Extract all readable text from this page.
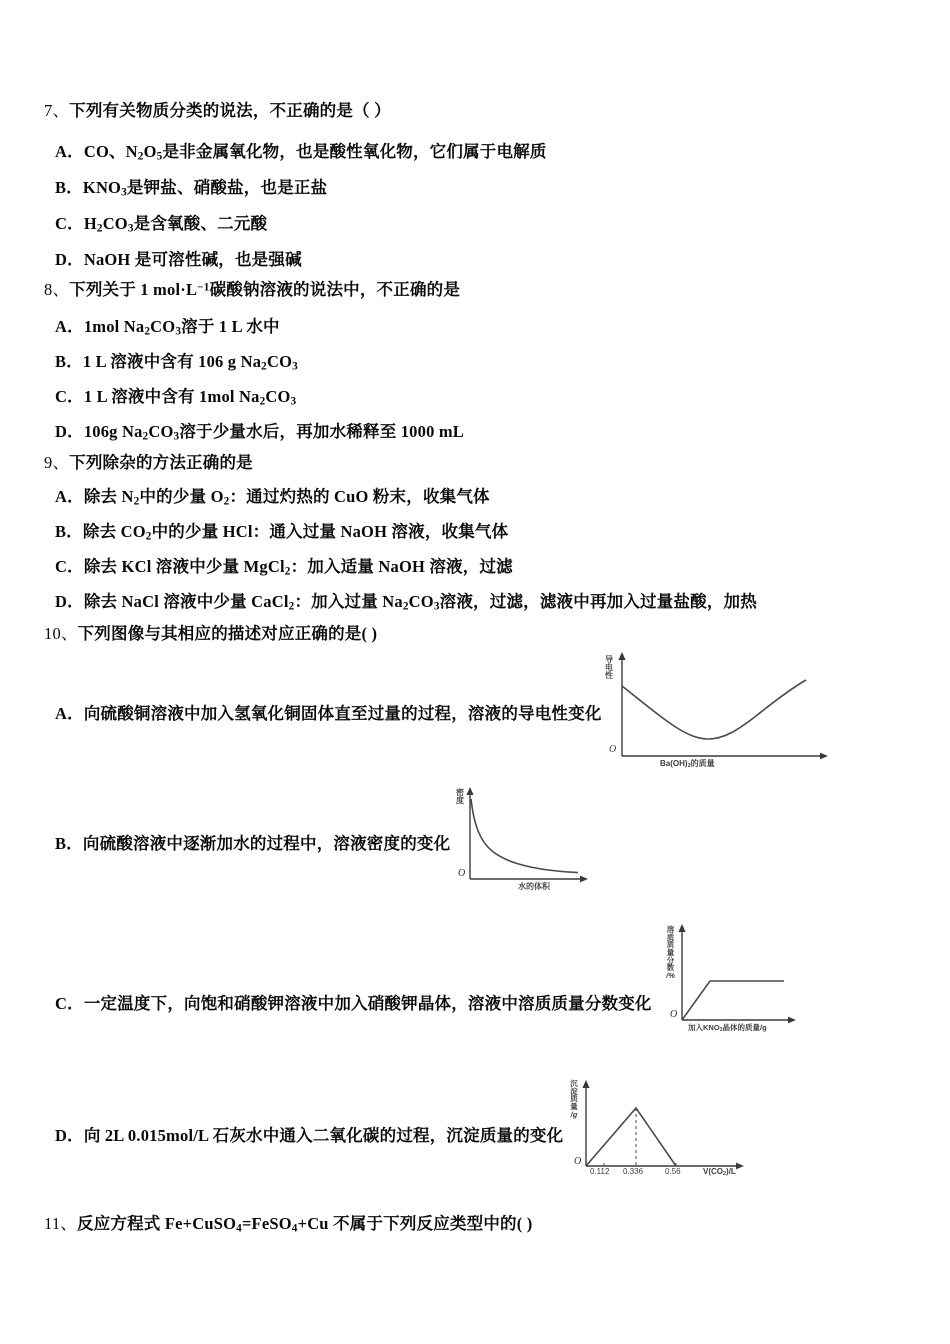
7、下列有关物质分类的说法，不正确的是（ ）
A．CO、$N_2O_5$是非金属氧化物，也是酸性氧化物，它们属于电解质
B．$KNO_3$是钾盐、硝酸盐，也是正盐
C．$H_2CO_3$是含氧酸、二元酸
D．NaOH 是可溶性碱，也是强碱
8、下列关于 1 $mol\cdot L^{-1}$碳酸钠溶液的说法中，不正确的是
A．1mol $Na_2CO_3$溶于 1 L 水中
B．1 L 溶液中含有 106 g $Na_2CO_3$
C．1 L 溶液中含有 1mol $Na_2CO_3$
D．106g $Na_2CO_3$溶于少量水后，再加水稀释至 1000 mL
9、下列除杂的方法正确的是
A．除去 $N_2$中的少量 $O_2$：通过灼热的 CuO 粉末，收集气体
B．除去 $CO_2$中的少量 HCl：通入过量 NaOH 溶液，收集气体
C．除去 KCl 溶液中少量 MgCl$_2$：加入适量 NaOH 溶液，过滤
D．除去 NaCl 溶液中少量 CaCl$_2$：加入过量 $Na_2CO_3$溶液，过滤，滤液中再加入过量盐酸，加热
10、下列图像与其相应的描述对应正确的是( )
A．向硫酸铜溶液中加入氢氧化铜固体直至过量的过程，溶液的导电性变化
导
电
性
$Ba(OH)_2$的质量
O
B．向硫酸溶液中逐渐加水的过程中，溶液密度的变化
密
度
水的体积
O
C．一定温度下，向饱和硝酸钾溶液中加入硝酸钾晶体，溶液中溶质质量分数变化
溶
质
质
量
分
数
/%
加入$KNO_3$晶体的质量/g
O
D．向 2L 0.015mol/L 石灰水中通入二氧化碳的过程，沉淀质量的变化
沉
淀
质
量
/g
0.112 0.336	0.56	$V(CO_2)/L$
O
11、反应方程式 Fe+CuSO$_4$=FeSO$_4$+Cu 不属于下列反应类型中的( )
